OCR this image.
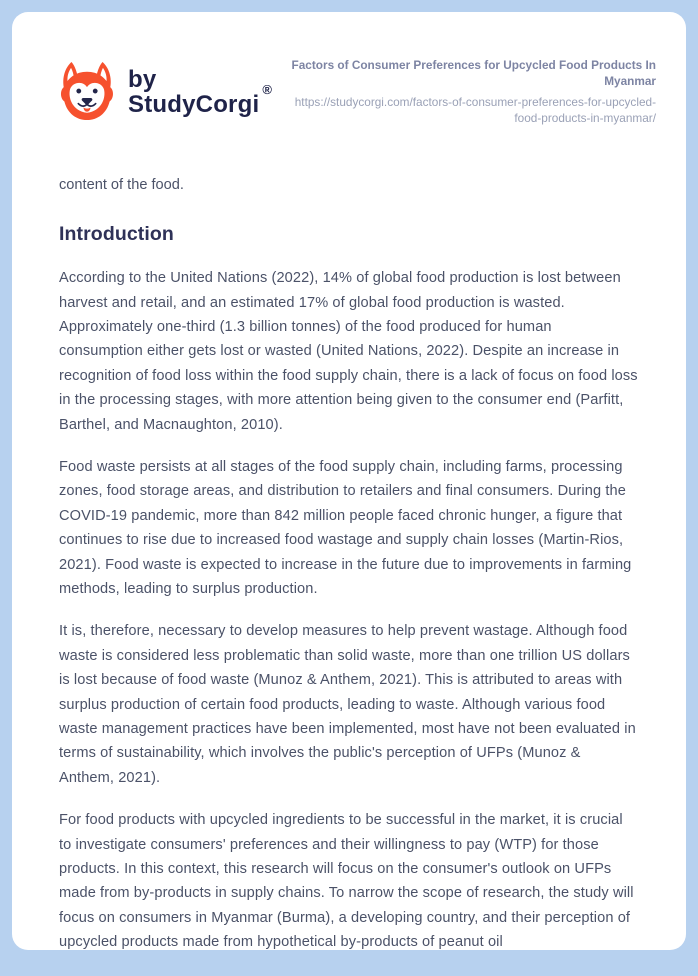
by StudyCorgi®
Factors of Consumer Preferences for Upcycled Food Products In Myanmar
https://studycorgi.com/factors-of-consumer-preferences-for-upcycled-food-products-in-myanmar/

content of the food.

Introduction

According to the United Nations (2022), 14% of global food production is lost between harvest and retail, and an estimated 17% of global food production is wasted. Approximately one-third (1.3 billion tonnes) of the food produced for human consumption either gets lost or wasted (United Nations, 2022). Despite an increase in recognition of food loss within the food supply chain, there is a lack of focus on food loss in the processing stages, with more attention being given to the consumer end (Parfitt, Barthel, and Macnaughton, 2010).

Food waste persists at all stages of the food supply chain, including farms, processing zones, food storage areas, and distribution to retailers and final consumers. During the COVID-19 pandemic, more than 842 million people faced chronic hunger, a figure that continues to rise due to increased food wastage and supply chain losses (Martin-Rios, 2021). Food waste is expected to increase in the future due to improvements in farming methods, leading to surplus production.

It is, therefore, necessary to develop measures to help prevent wastage. Although food waste is considered less problematic than solid waste, more than one trillion US dollars is lost because of food waste (Munoz & Anthem, 2021). This is attributed to areas with surplus production of certain food products, leading to waste. Although various food waste management practices have been implemented, most have not been evaluated in terms of sustainability, which involves the public's perception of UFPs (Munoz & Anthem, 2021).

For food products with upcycled ingredients to be successful in the market, it is crucial to investigate consumers' preferences and their willingness to pay (WTP) for those products. In this context, this research will focus on the consumer's outlook on UFPs made from by-products in supply chains. To narrow the scope of research, the study will focus on consumers in Myanmar (Burma), a developing country, and their perception of upcycled products made from hypothetical by-products of peanut oil
